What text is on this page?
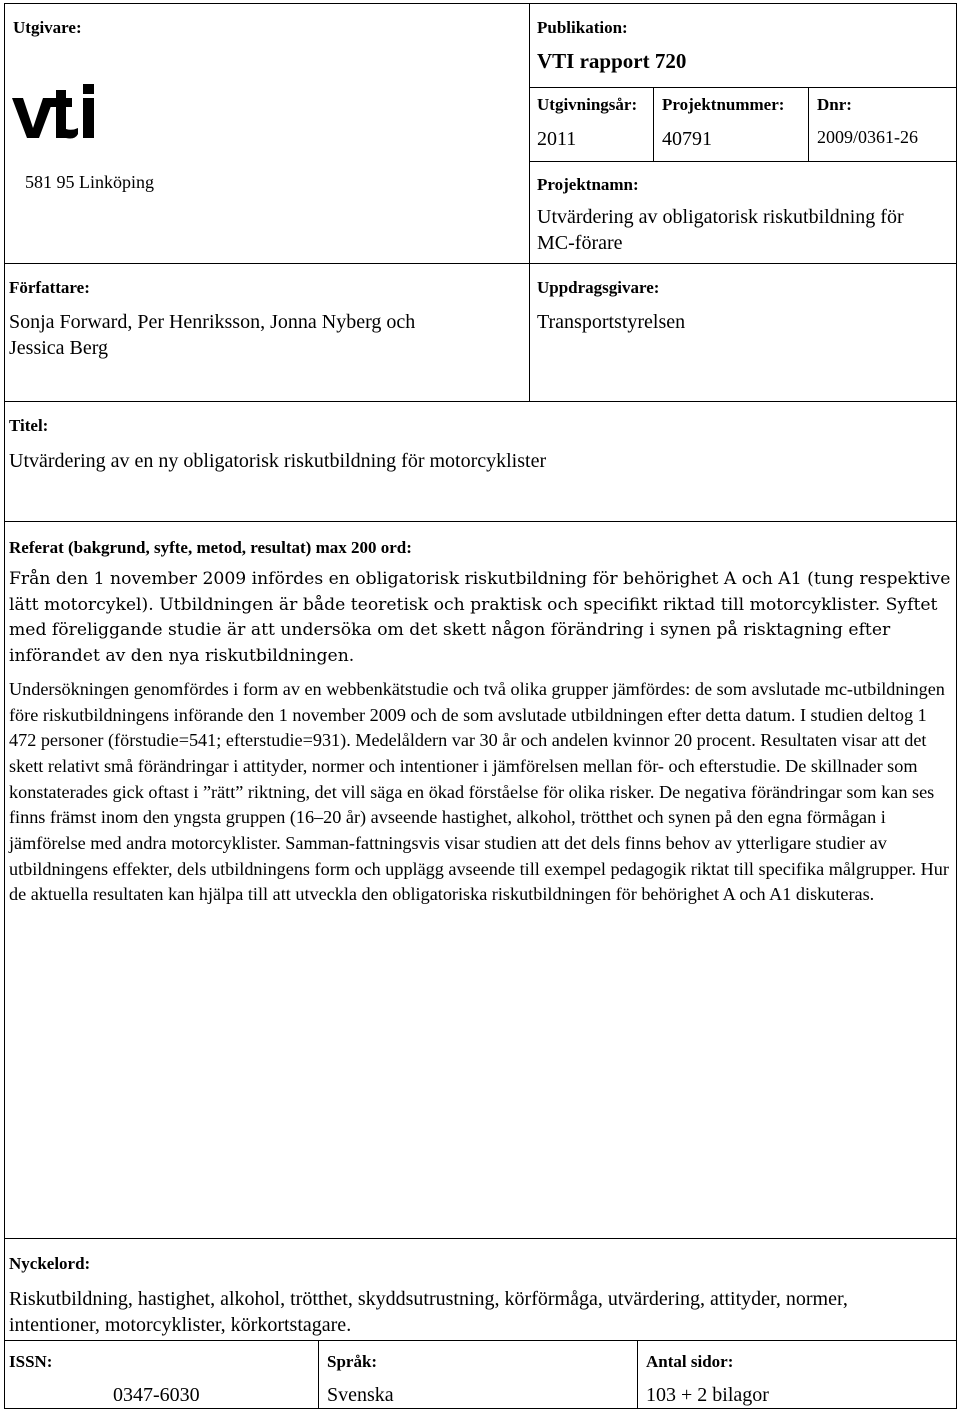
Utgivare:
581 95 Linköping
Publikation:
VTI rapport 720
Utgivningsår:
2011
Projektnummer:
40791
Dnr:
2009/0361-26
Projektnamn:
Utvärdering av obligatorisk riskutbildning för
MC-förare
Författare:
Sonja Forward, Per Henriksson, Jonna Nyberg och
Jessica Berg
Uppdragsgivare:
Transportstyrelsen
Titel:
Utvärdering av en ny obligatorisk riskutbildning för motorcyklister
Referat (bakgrund, syfte, metod, resultat) max 200 ord:

Från den 1 november 2009 infördes en obligatorisk riskutbildning för behörighet A och A1 (tung respektive lätt motorcykel). Utbildningen är både teoretisk och praktisk och specifikt riktad till motorcyklister. Syftet med föreliggande studie är att undersöka om det skett någon förändring i synen på risktagning efter införandet av den nya riskutbildningen.

Undersökningen genomfördes i form av en webbenkätstudie och två olika grupper jämfördes: de som avslutade mc-utbildningen före riskutbildningens införande den 1 november 2009 och de som avslutade utbildningen efter detta datum. I studien deltog 1 472 personer (förstudie=541; efterstudie=931). Medelåldern var 30 år och andelen kvinnor 20 procent. Resultaten visar att det skett relativt små förändringar i attityder, normer och intentioner i jämförelsen mellan för- och efterstudie. De skillnader som konstaterades gick oftast i ”rätt” riktning, det vill säga en ökad förståelse för olika risker. De negativa förändringar som kan ses finns främst inom den yngsta gruppen (16–20 år) avseende hastighet, alkohol, trötthet och synen på den egna förmågan i jämförelse med andra motorcyklister. Samman-fattningsvis visar studien att det dels finns behov av ytterligare studier av utbildningens effekter, dels utbildningens form och upplägg avseende till exempel pedagogik riktat till specifika målgrupper. Hur de aktuella resultaten kan hjälpa till att utveckla den obligatoriska riskutbildningen för behörighet A och A1 diskuteras.

Nyckelord:
Riskutbildning, hastighet, alkohol, trötthet, skyddsutrustning, körförmåga, utvärdering, attityder, normer,
intentioner, motorcyklister, körkortstagare.
ISSN:
0347-6030
Språk:
Svenska
Antal sidor:
103 + 2 bilagor
